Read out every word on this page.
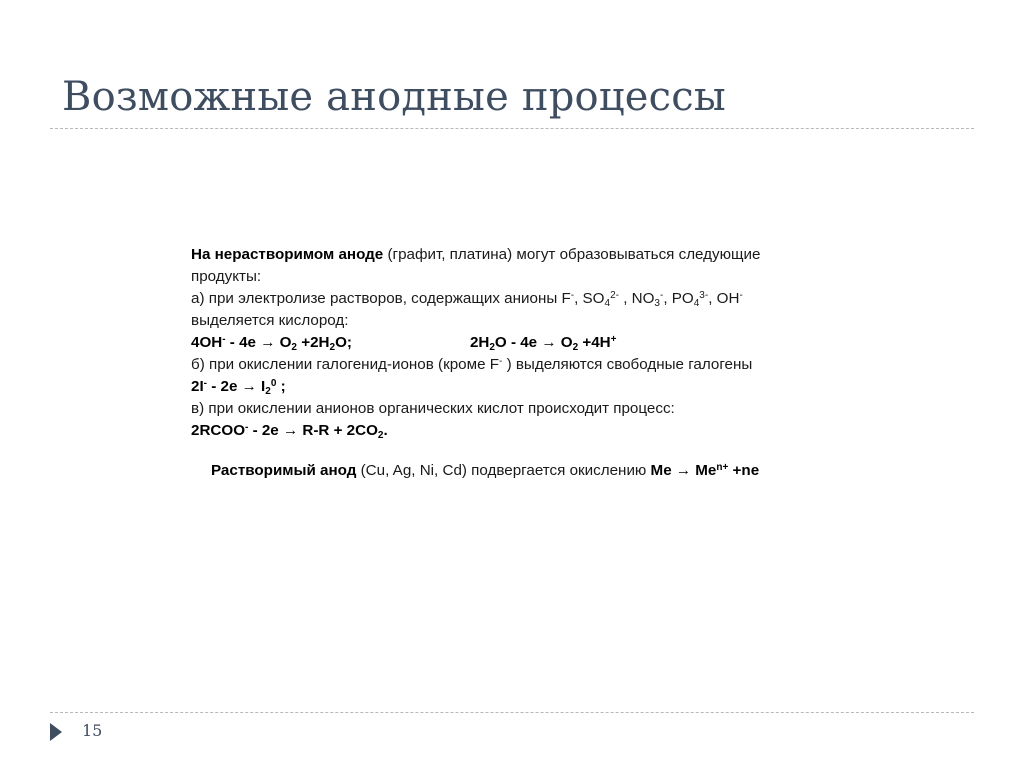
Возможные анодные процессы

На нерастворимом аноде (графит, платина) могут образовываться следующие

продукты:

а) при электролизе растворов, содержащих анионы F-, $SO_4^{2-}$ , $NO_3^-$, $PO_4^{3-}$, OH-

выделяется кислород:

$4OH^- - 4e \to O_2 +2H_2O$;	$2H_2O - 4e \to O_2 +4H^+$

б) при окислении галогенид-ионов (кроме F- ) выделяются свободные галогены

$2I^- - 2e \to I_2^0$ ;

в) при окислении анионов органических кислот происходит процесс:

2RCOO- - $2e \to R-R + 2CO_2$.

Растворимый анод (Cu, Ag, Ni, Cd) подвергается окислению $Me \to Me^{n+} +ne$

15
